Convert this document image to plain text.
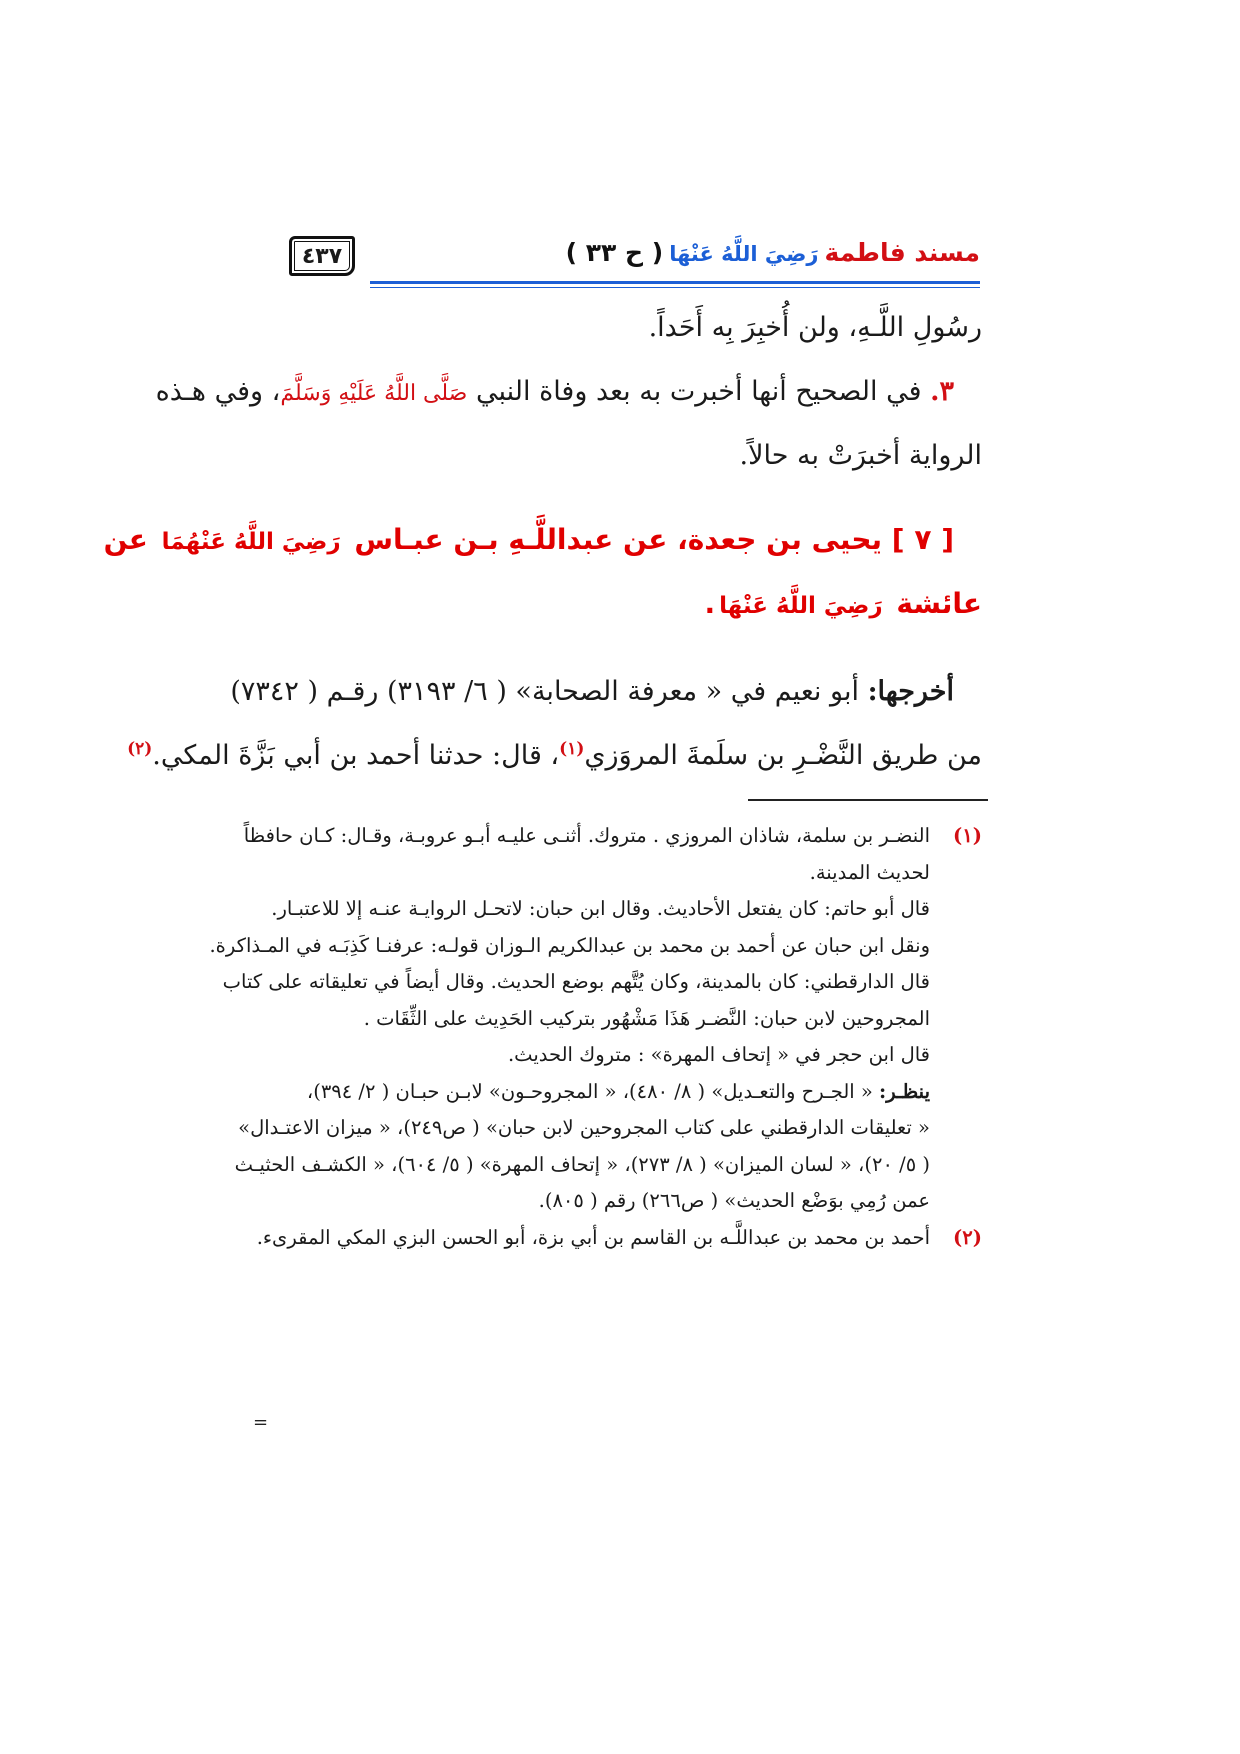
مسند فاطمةرَضِيَ اللَّهُ عَنْهَا( ح ٣٣ )
٤٣٧
رسُولِ اللَّـهِ، ولن أُخبِرَ بِه أَحَداً.
٣. في الصحيح أنها أخبرت به بعد وفاة النبي صَلَّى اللَّهُ عَلَيْهِ وَسَلَّمَ، وفي هـذه
الرواية أخبرَتْ به حالاً.
[ ٧ ] يحيى بن جعدة، عن عبداللَّـهِ بـن عبـاس رَضِيَ اللَّهُ عَنْهُمَا عن
عائشة رَضِيَ اللَّهُ عَنْهَا.
أخرجها: أبو نعيم في « معرفة الصحابة» ( ٦/ ٣١٩٣) رقـم ( ٧٣٤٢)
من طريق النَّضْـرِ بن سلَمةَ المروَزي$^{(١)}$، قال: حدثنا أحمد بن أبي بَزَّةَ المكي.$^{(٢)}$
(١)النضـر بن سلمة، شاذان المروزي . متروك. أثنـى عليـه أبـو عروبـة، وقـال: كـان حافظاً
لحديث المدينة.
قال أبو حاتم: كان يفتعل الأحاديث. وقال ابن حبان: لاتحـل الروايـة عنـه إلا للاعتبـار.
ونقل ابن حبان عن أحمد بن محمد بن عبدالكريم الـوزان قولـه: عرفنـا كَذِبَـه في المـذاكرة.
قال الدارقطني: كان بالمدينة، وكان يُتَّهم بوضع الحديث. وقال أيضاً في تعليقاته على كتاب
المجروحين لابن حبان: النَّضـر هَذَا مَشْهُور بتركيب الحَدِيث على الثِّقَات .
قال ابن حجر في « إتحاف المهرة» : متروك الحديث.
ينظـر: « الجـرح والتعـديل» ( ٨/ ٤٨٠)، « المجروحـون» لابـن حبـان ( ٢/ ٣٩٤)،
« تعليقات الدارقطني على كتاب المجروحين لابن حبان» ( ص٢٤٩)، « ميزان الاعتـدال»
( ٥/ ٢٠)، « لسان الميزان» ( ٨/ ٢٧٣)، « إتحاف المهرة» ( ٥/ ٦٠٤)، « الكشـف الحثيـث
عمن رُمِي بوَضْع الحديث» ( ص٢٦٦) رقم ( ٨٠٥).
(٢)أحمد بن محمد بن عبداللَّـه بن القاسم بن أبي بزة، أبو الحسن البزي المكي المقرىء.
=
